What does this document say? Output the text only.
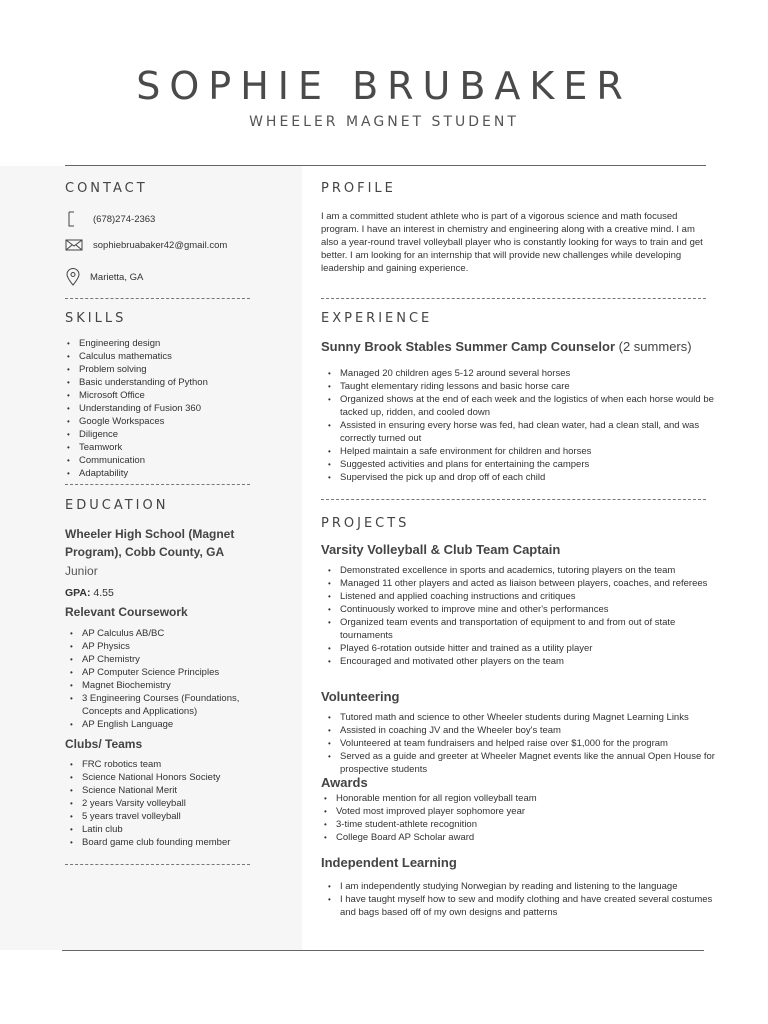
SOPHIE BRUBAKER
WHEELER MAGNET STUDENT
CONTACT
(678)274-2363
sophiebruabaker42@gmail.com
Marietta, GA
SKILLS
• Engineering design
• Calculus mathematics
• Problem solving
• Basic understanding of Python
• Microsoft Office
• Understanding of Fusion 360
• Google Workspaces
• Diligence
• Teamwork
• Communication
• Adaptability
EDUCATION
Wheeler High School (Magnet Program), Cobb County, GA
Junior
GPA: 4.55
Relevant Coursework
• AP Calculus AB/BC
• AP Physics
• AP Chemistry
• AP Computer Science Principles
• Magnet Biochemistry
• 3 Engineering Courses (Foundations, Concepts and Applications)
• AP English Language
Clubs/ Teams
• FRC robotics team
• Science National Honors Society
• Science National Merit
• 2 years Varsity volleyball
• 5 years travel volleyball
• Latin club
• Board game club founding member
PROFILE

I am a committed student athlete who is part of a vigorous science and math focused program. I have an interest in chemistry and engineering along with a creative mind. I am also a year-round travel volleyball player who is constantly looking for ways to train and get better. I am looking for an internship that will provide new challenges while developing leadership and gaining experience.

EXPERIENCE
Sunny Brook Stables Summer Camp Counselor (2 summers)
• Managed 20 children ages 5-12 around several horses
• Taught elementary riding lessons and basic horse care
• Organized shows at the end of each week and the logistics of when each horse would be tacked up, ridden, and cooled down
• Assisted in ensuring every horse was fed, had clean water, had a clean stall, and was correctly turned out
• Helped maintain a safe environment for children and horses
• Suggested activities and plans for entertaining the campers
• Supervised the pick up and drop off of each child
PROJECTS
Varsity Volleyball & Club Team Captain
• Demonstrated excellence in sports and academics, tutoring players on the team
• Managed 11 other players and acted as liaison between players, coaches, and referees
• Listened and applied coaching instructions and critiques
• Continuously worked to improve mine and other's performances
• Organized team events and transportation of equipment to and from out of state tournaments
• Played 6-rotation outside hitter and trained as a utility player
• Encouraged and motivated other players on the team
Volunteering
• Tutored math and science to other Wheeler students during Magnet Learning Links
• Assisted in coaching JV and the Wheeler boy's team
• Volunteered at team fundraisers and helped raise over $1,000 for the program
• Served as a guide and greeter at Wheeler Magnet events like the annual Open House for prospective students
Awards
• Honorable mention for all region volleyball team
• Voted most improved player sophomore year
• 3-time student-athlete recognition
• College Board AP Scholar award
Independent Learning
• I am independently studying Norwegian by reading and listening to the language
• I have taught myself how to sew and modify clothing and have created several costumes and bags based off of my own designs and patterns
